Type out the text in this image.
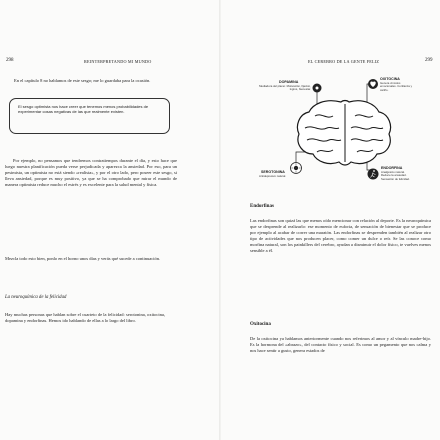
298	REINTERPRETANDO MI MUNDO

En el capítulo 8 no hablamos de este sesgo; me lo guardaba para la ocasión.

El sesgo optimista nos hace creer que tenemos menos probabilidades de experimentar cosas negativas de las que realmente existen.

Por ejemplo, no pensamos que tendremos contratiempos durante el día, y esto hace que luego nuestra planificación pueda verse perjudicada y aparezca la ansiedad. Por eso, para un pesimista, un optimista no está siendo «realista», y por el otro lado, pero poseer este sesgo, si lleva ansiedad, porque es muy positivo, ya que se ha comprobado que mirar el mundo de manera optimista reduce mucho el estrés y es excelente para la salud mental y física.

Mezcla todo esto bien, ponlo en el horno unos días y verás qué sucede a continuación.

La neuroquímica de la felicidad

Hay muchas personas que hablan sobre el cuarteto de la felicidad: serotonina, oxitocina, dopamina y endorfinas. Hemos ido hablando de ellas a lo largo del libro.

EL CEREBRO DE LA GENTE FELIZ	299
Endorfinas

Las endorfinas son quizá las que menos oído mencionar con relación al deporte. Es la neuroquímica que se desprende al realizarlo: ese momento de euforia, de sensación de bienestar que se produce por ejemplo al acabar de correr una maratón. Las endorfinas se desprenden también al realizar otro tipo de actividades que nos producen placer, como comer un dulce o reír. Se las conoce como morfina natural, son los painkillers del cerebro, ayudan a disminuir el dolor físico, te vuelves menos sensible a él.

Oxitocina

De la oxitocina ya hablamos anteriormente cuando nos referimos al amor y al vínculo madre-hijo. Es la hormona del «abrazo», del contacto físico y social. Es como un pegamento que nos calma y nos hace sentir a gusto, genera estados de

DOPAMINA
Mediadora del placer. Motivación, fijación, logros, bienestar.
OXITOCINA
Genera vínculos emocionales. Confianza y cariño.
SEROTONINA
Antidepresivo natural.
ENDORFINA
Analgésico natural. Reduce la ansiedad. Sensación de felicidad.
